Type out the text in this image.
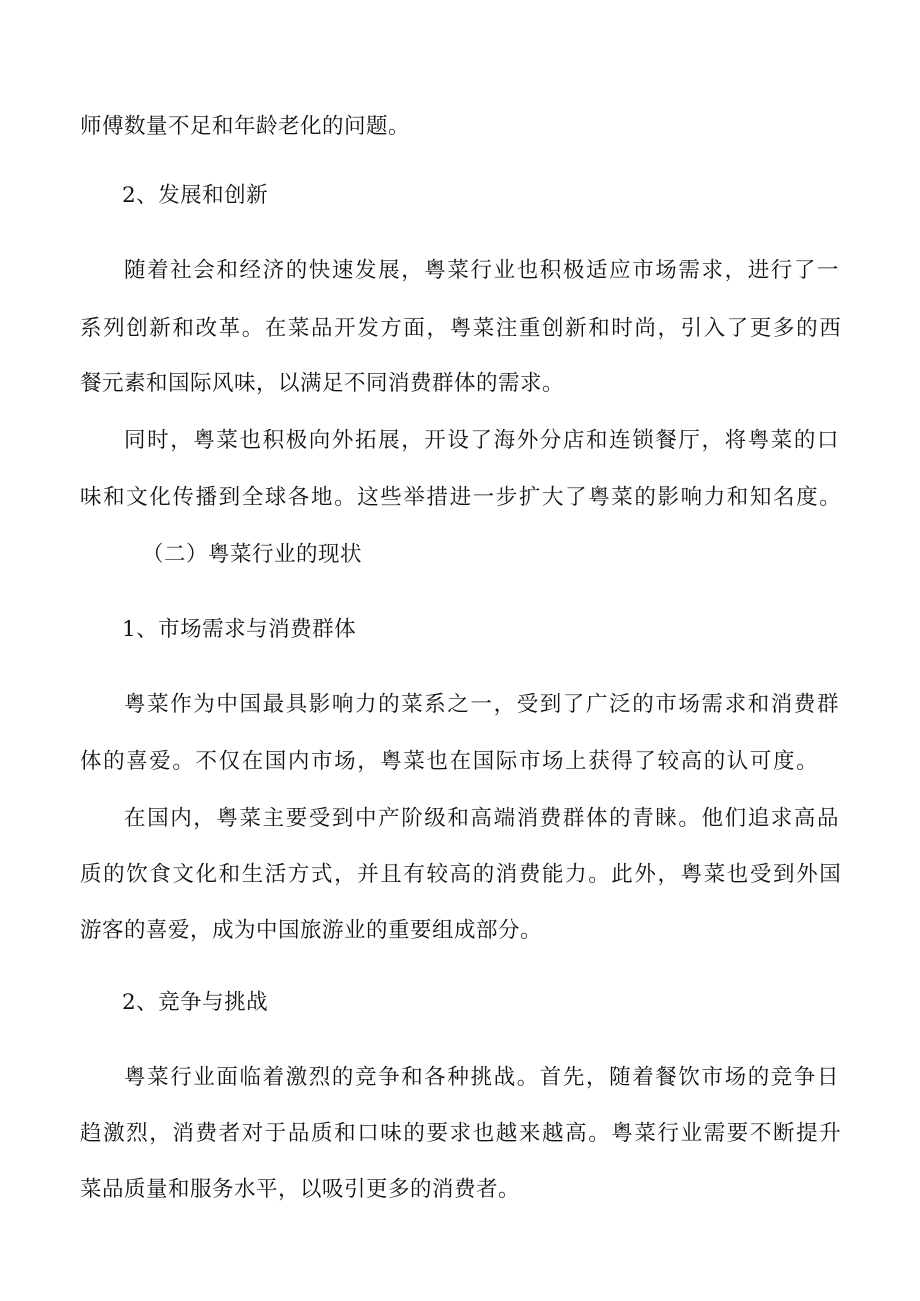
师傅数量不足和年龄老化的问题。
2、发展和创新
随着社会和经济的快速发展，粤菜行业也积极适应市场需求，进行了一
系列创新和改革。在菜品开发方面，粤菜注重创新和时尚，引入了更多的西
餐元素和国际风味，以满足不同消费群体的需求。
同时，粤菜也积极向外拓展，开设了海外分店和连锁餐厅，将粤菜的口
味和文化传播到全球各地。这些举措进一步扩大了粤菜的影响力和知名度。
（二）粤菜行业的现状
1、市场需求与消费群体
粤菜作为中国最具影响力的菜系之一，受到了广泛的市场需求和消费群
体的喜爱。不仅在国内市场，粤菜也在国际市场上获得了较高的认可度。
在国内，粤菜主要受到中产阶级和高端消费群体的青睐。他们追求高品
质的饮食文化和生活方式，并且有较高的消费能力。此外，粤菜也受到外国
游客的喜爱，成为中国旅游业的重要组成部分。
2、竞争与挑战
粤菜行业面临着激烈的竞争和各种挑战。首先，随着餐饮市场的竞争日
趋激烈，消费者对于品质和口味的要求也越来越高。粤菜行业需要不断提升
菜品质量和服务水平，以吸引更多的消费者。
